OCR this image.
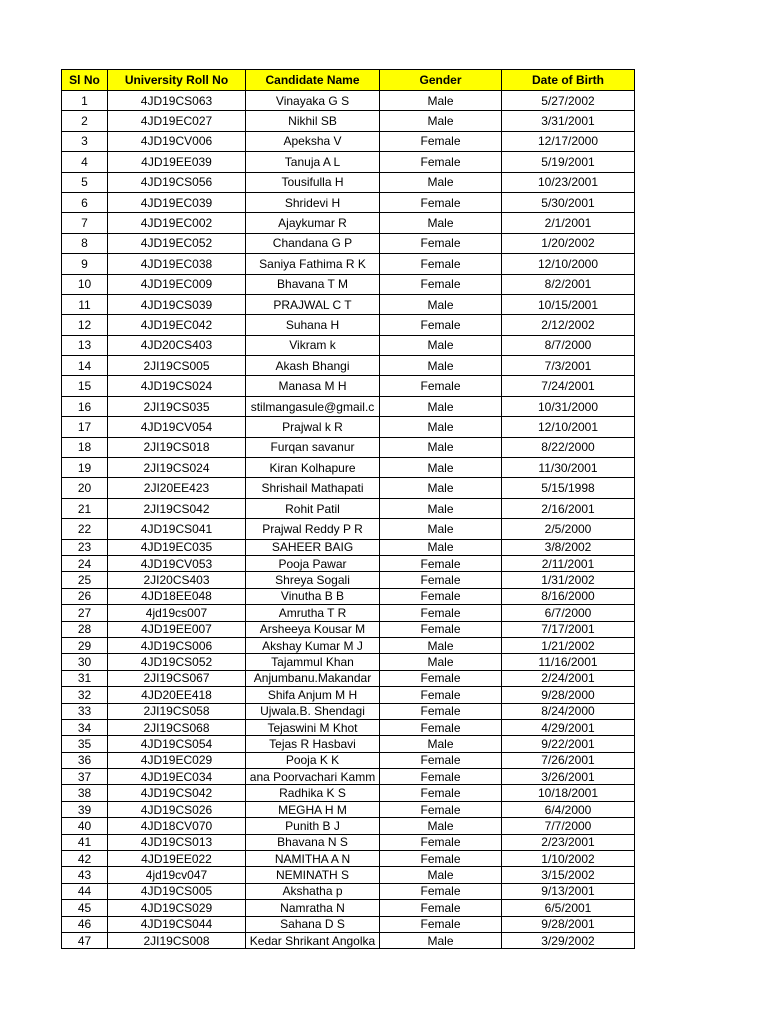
Sl No	University Roll No	Candidate Name	Gender	Date of Birth
1	4JD19CS063	Vinayaka G S	Male	5/27/2002
2	4JD19EC027	Nikhil SB	Male	3/31/2001
3	4JD19CV006	Apeksha V	Female	12/17/2000
4	4JD19EE039	Tanuja A L	Female	5/19/2001
5	4JD19CS056	Tousifulla H	Male	10/23/2001
6	4JD19EC039	Shridevi H	Female	5/30/2001
7	4JD19EC002	Ajaykumar R	Male	2/1/2001
8	4JD19EC052	Chandana G P	Female	1/20/2002
9	4JD19EC038	Saniya Fathima R K	Female	12/10/2000
10	4JD19EC009	Bhavana T M	Female	8/2/2001
11	4JD19CS039	PRAJWAL C T	Male	10/15/2001
12	4JD19EC042	Suhana H	Female	2/12/2002
13	4JD20CS403	Vikram k	Male	8/7/2000
14	2JI19CS005	Akash Bhangi	Male	7/3/2001
15	4JD19CS024	Manasa M H	Female	7/24/2001
16	2JI19CS035	stilmangasule@gmail.c	Male	10/31/2000
17	4JD19CV054	Prajwal k R	Male	12/10/2001
18	2JI19CS018	Furqan savanur	Male	8/22/2000
19	2JI19CS024	Kiran Kolhapure	Male	11/30/2001
20	2JI20EE423	Shrishail Mathapati	Male	5/15/1998
21	2JI19CS042	Rohit Patil	Male	2/16/2001
22	4JD19CS041	Prajwal Reddy P R	Male	2/5/2000
23	4JD19EC035	SAHEER BAIG	Male	3/8/2002
24	4JD19CV053	Pooja Pawar	Female	2/11/2001
25	2JI20CS403	Shreya Sogali	Female	1/31/2002
26	4JD18EE048	Vinutha B B	Female	8/16/2000
27	4jd19cs007	Amrutha T R	Female	6/7/2000
28	4JD19EE007	Arsheeya Kousar M	Female	7/17/2001
29	4JD19CS006	Akshay Kumar M J	Male	1/21/2002
30	4JD19CS052	Tajammul Khan	Male	11/16/2001
31	2JI19CS067	Anjumbanu.Makandar	Female	2/24/2001
32	4JD20EE418	Shifa Anjum M H	Female	9/28/2000
33	2JI19CS058	Ujwala.B. Shendagi	Female	8/24/2000
34	2JI19CS068	Tejaswini M Khot	Female	4/29/2001
35	4JD19CS054	Tejas R Hasbavi	Male	9/22/2001
36	4JD19EC029	Pooja K K	Female	7/26/2001
37	4JD19EC034	ana Poorvachari Kamm	Female	3/26/2001
38	4JD19CS042	Radhika K S	Female	10/18/2001
39	4JD19CS026	MEGHA H M	Female	6/4/2000
40	4JD18CV070	Punith B J	Male	7/7/2000
41	4JD19CS013	Bhavana N S	Female	2/23/2001
42	4JD19EE022	NAMITHA A N	Female	1/10/2002
43	4jd19cv047	NEMINATH S	Male	3/15/2002
44	4JD19CS005	Akshatha p	Female	9/13/2001
45	4JD19CS029	Namratha N	Female	6/5/2001
46	4JD19CS044	Sahana D S	Female	9/28/2001
47	2JI19CS008	Kedar Shrikant Angolka	Male	3/29/2002
